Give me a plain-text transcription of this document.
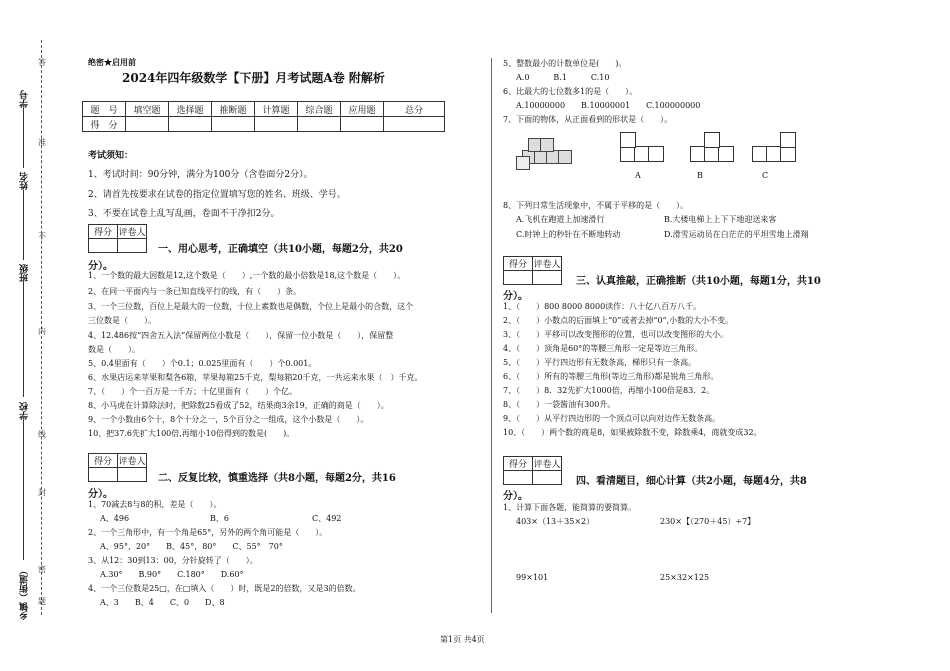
答
准
不
内
线
封
密
题
学号
姓名
班级
学校
乡镇（街道）
绝密★启用前
2024年四年级数学【下册】月考试题A卷 附解析
题　号	填空题	选择题	推断题	计算题	综合题	应用题	总分
得　分							
考试须知：
1、考试时间：90分钟，满分为100分（含卷面分2分）。
2、请首先按要求在试卷的指定位置填写您的姓名、班级、学号。
3、不要在试卷上乱写乱画，卷面不干净扣2分。
得分	评卷人

一、用心思考，正确填空（共10小题，每题2分，共20
分）。
1、一个数的最大因数是12,这个数是（　　）,一个数的最小倍数是18,这个数是（　　）。
2、在同一平面内与一条已知直线平行的线，有（　　）条。
3、一个三位数，百位上是最大的一位数，十位上素数也是偶数，个位上是最小的合数，这个
三位数是（　　）。
4、12.486按“四舍五入法”保留两位小数是（　　），保留一位小数是（　　），保留整
数是（　　）。
5、0.4里面有（　　）个0.1；0.025里面有（　　）个0.001。
6、水果店运来苹果和梨各6箱，苹果每箱25千克，梨每箱20千克，一共运来水果（　）千克。
7、（　　）个一百万是一千万；十亿里面有（　　）个亿。
8、小马虎在计算除法时，把除数25看成了52，结果商3余19，正确的商是（　　）。
9、一个小数由6个十，8个十分之一，5个百分之一组成，这个小数是（　　）。
10、把37.6先扩大100倍,再缩小10倍得到的数是(　　)。
得分	评卷人

二、反复比较，慎重选择（共8小题，每题2分，共16
分）。
1、70减去8与8的积，差是（　　）。
A、496	B、6	C、492
2、一个三角形中，有一个角是65°，另外的两个角可能是（　　）。
A、95°，20°　　B、45°，80°　　C、55°　70°
3、从12：30到13：00，分针旋转了（　　）。
A.30°　　B.90°　　C.180°　　D.60°
4、一个三位数是25□，在□填入（　　）时，既是2的倍数，又是3的倍数。
A、3　　B、4　　C、0　　D、8
5、整数最小的计数单位是(　　)。
A.0　　　B.1　　　C.10
6、比最大的七位数多1的是（　　）。
A.10000000　　B.10000001　　C.100000000
7、下面的物体，从正面看到的形状是（　　）。
A	B	C
8、下列日常生活现象中，不属于平移的是（　　）。
A.飞机在跑道上加速滑行	B.大楼电梯上上下下地迎送来客
C.时钟上的秒针在不断地转动	D.滑雪运动员在白茫茫的平坦雪地上滑翔
得分	评卷人

三、认真推敲，正确推断（共10小题，每题1分，共10
分）。
1、（　　）800 8000 8000读作：八十亿八百万八千。
2、（　　）小数点的后面填上“0”或者去掉“0”,小数的大小不变。
3、（　　）平移可以改变图形的位置，也可以改变图形的大小。
4、（　　）顶角是60°的等腰三角形一定是等边三角形。
5、（　　）平行四边形有无数条高，梯形只有一条高。
6、（　　）所有的等腰三角形(等边三角形)都是锐角三角形。
7、（　　）8．32先扩大1000倍，再缩小100倍是83．2。
8、（　　）一袋酱油有300升。
9、（　　）从平行四边形的一个顶点可以向对边作无数条高。
10、（　　）两个数的商是8，如果被除数不变，除数乘4，商就变成32。
得分	评卷人

四、看清题目，细心计算（共2小题，每题4分，共8
分）。
1、计算下面各题，能简算的要简算。
403×（13＋35×2）	230×【（270＋45）÷7】
99×101	25×32×125
第1页 共4页
